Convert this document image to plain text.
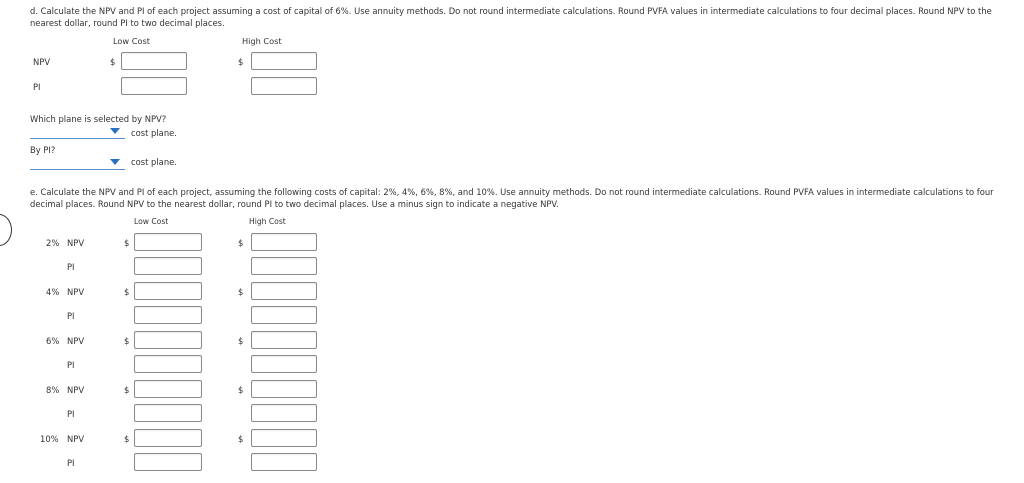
d. Calculate the NPV and PI of each project assuming a cost of capital of 6%. Use annuity methods. Do not round intermediate calculations. Round PVFA values in intermediate calculations to four decimal places. Round NPV to the nearest dollar, round PI to two decimal places.
Low Cost	High Cost
NPV	$	$
PI
Which plane is selected by NPV?
cost plane.
By PI?
cost plane.
e. Calculate the NPV and PI of each project, assuming the following costs of capital: 2%, 4%, 6%, 8%, and 10%. Use annuity methods. Do not round intermediate calculations. Round PVFA values in intermediate calculations to four decimal places. Round NPV to the nearest dollar, round PI to two decimal places. Use a minus sign to indicate a negative NPV.
Low Cost	High Cost
2% NPV	$	$
PI
4% NPV	$	$
PI
6% NPV	$	$
PI
8% NPV	$	$
PI
10% NPV	$	$
PI
